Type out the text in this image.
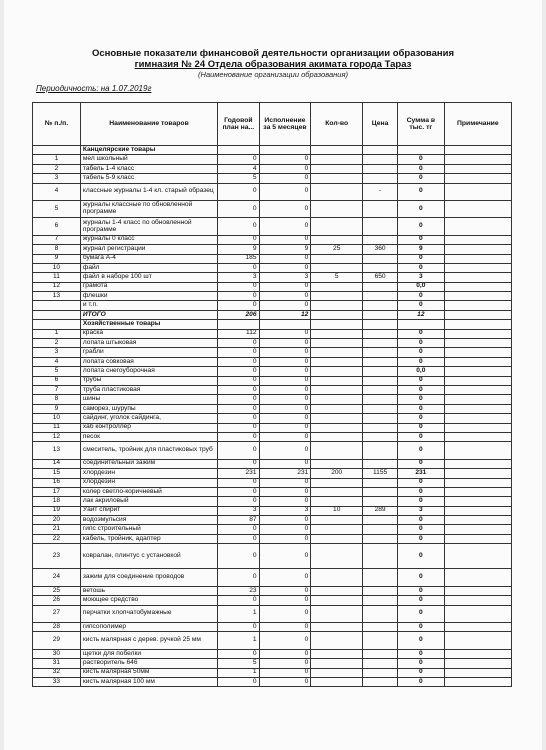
Основные показатели финансовой деятельности организации образования
гимназия № 24 Отдела образования акимата города Тараз
(Наименование организации образования)
Периодичность: на 1.07.2019г
№ п./п.	Наименование товаров	Годовой план на...	Исполнение за 5 месяцев	Кол-во	Цена	Сумма в тыс. тг	Примечание
	Канцелярские товары						
1	мел школьный	0	0			0	
2	табель 1-4 класс	4	0			0	
3	табель 5-9 класс	5	0			0	
4	классные журналы 1-4 кл. старый образец	0	0		-	0	
5	журналы классные по обновленной программе	0	0			0	
6	журналы 1-4 класс по обновленной программе	0	0			0	
7	журналы 0 класс	0	0			0	
8	журнал регистрации	9	9	25	360	9	
9	бумага А-4	185	0			0	
10	файл	0	0			0	
11	файл в наборе 100 шт	3	3	5	650	3	
12	грамота	0	0			0,0	
13	флешки	0	0			0	
	и т.п.	0	0			0	
	ИТОГО	206	12			12	
	Хозяйственные товары						
1	краска	112	0			0	
2	лопата штыковая	0	0			0	
3	грабли	0	0			0	
4	лопата совковая	0	0			0	
5	лопата снегоуборочная	0	0			0,0	
6	трубы	0	0			0	
7	труба пластиковая	0	0			0	
8	шины	0	0			0	
9	саморез, шурупы	0	0			0	
10	сайдинг, уголок сайдинга,	0	0			0	
11	хаб контроллер	0	0			0	
12	песок	0	0			0	
13	смеситель, тройник для пластиковых труб	0	0			0	
14	соединительный зажим	0	0			0	
15	хлордезин	231	231	200	1155	231	
16	хлордезин	0	0			0	
17	колер светло-коричневый	0	0			0	
18	лак акриловый	0	0			0	
19	Уайт спирит	3	3	10	289	3	
20	водоэмульсия	87	0			0	
21	гипс строительный	0	0			0	
22	кабель, тройник, адаптер	0	0			0	
23	ковралан, плинтус с установкой	0	0			0	
24	зажим для соединение проводов	0	0			0	
25	ветошь	23	0			0	
26	моющее средство	0	0			0	
27	перчатки хлопчатобумажные	1	0			0	
28	гипсополимер	0	0			0	
29	кисть малярная с дерев. ручкой 25 мм	1	0			0	
30	щетки для побелки	0	0			0	
31	растворитель 646	5	0			0	
32	кисть малярная 50мм	1	0			0	
33	кисть малярная 100 мм	0	0			0	
